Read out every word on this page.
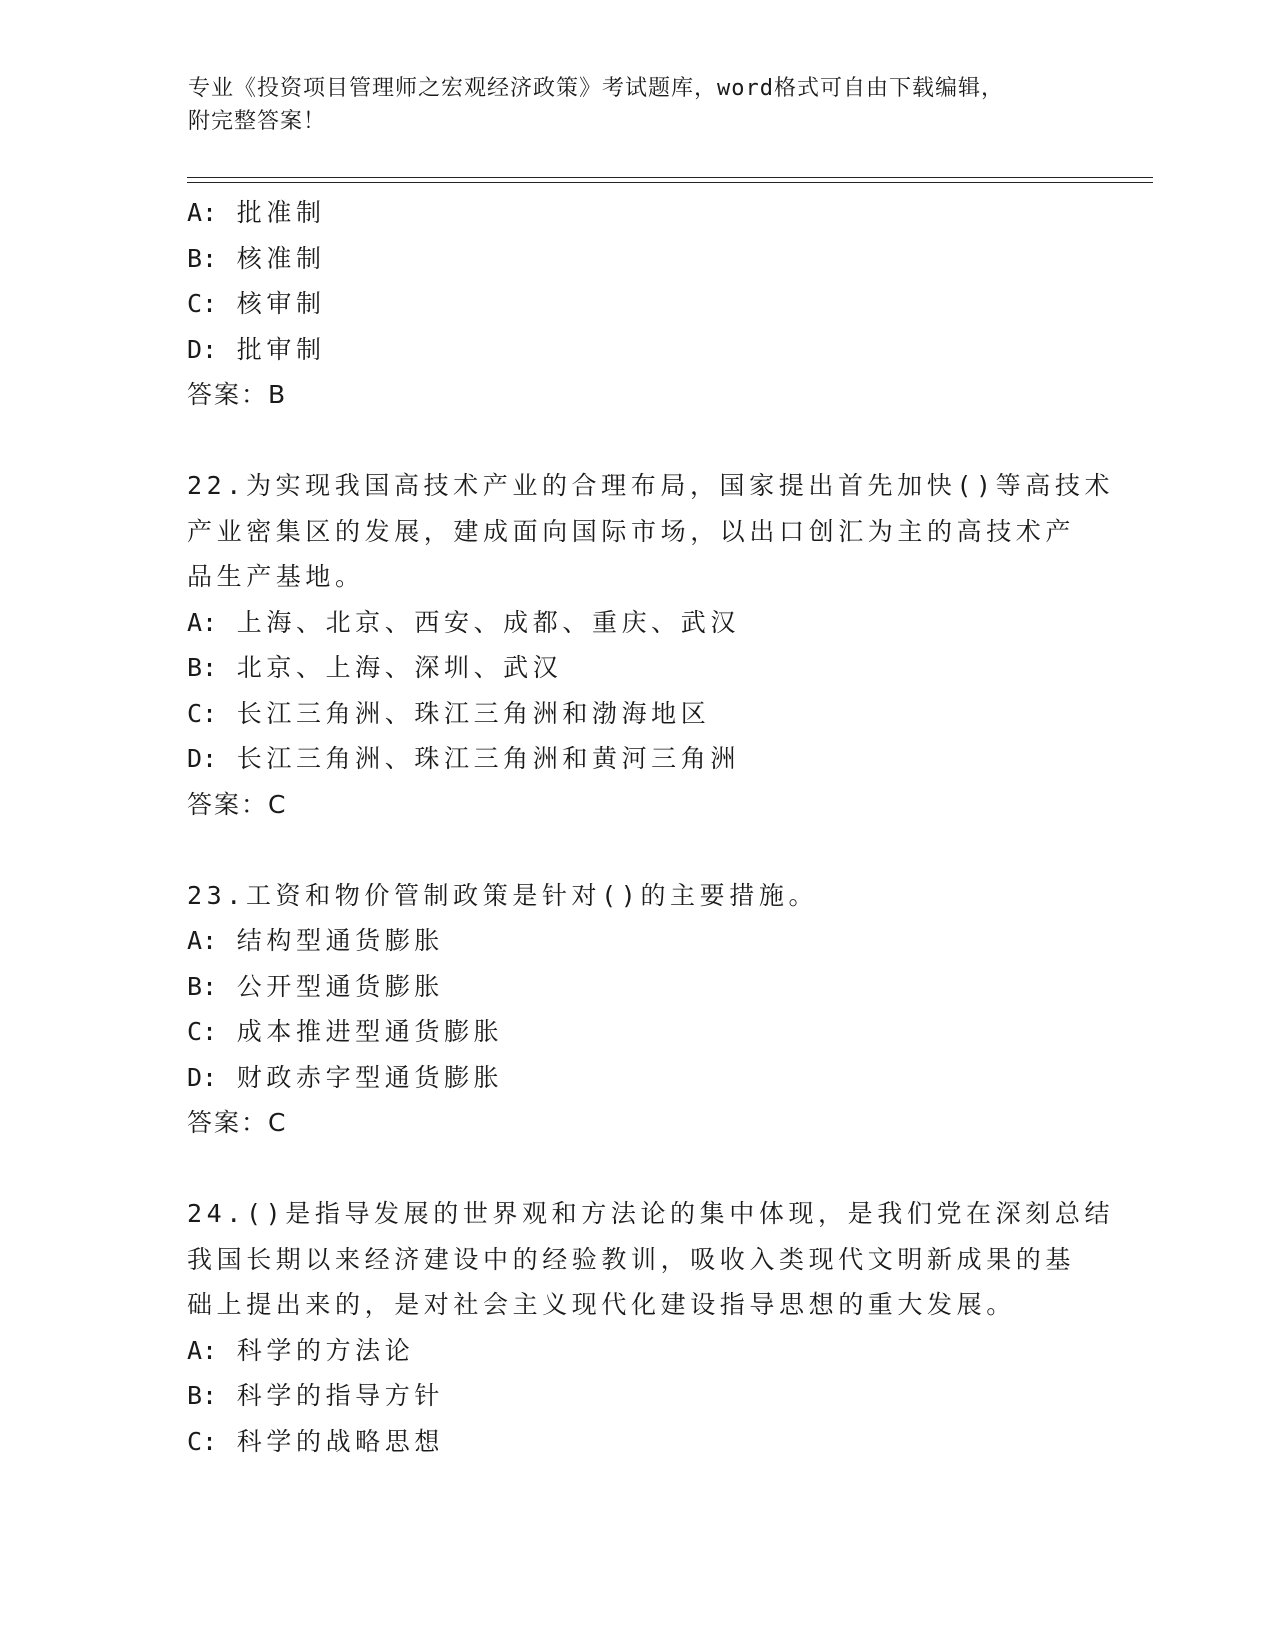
专业《投资项目管理师之宏观经济政策》考试题库，word格式可自由下载编辑，
附完整答案！
A: 批准制
B: 核准制
C: 核审制
D: 批审制
答案：B
22.为实现我国高技术产业的合理布局，国家提出首先加快()等高技术
产业密集区的发展，建成面向国际市场，以出口创汇为主的高技术产
品生产基地。
A: 上海、北京、西安、成都、重庆、武汉
B: 北京、上海、深圳、武汉
C: 长江三角洲、珠江三角洲和渤海地区
D: 长江三角洲、珠江三角洲和黄河三角洲
答案：C
23.工资和物价管制政策是针对()的主要措施。
A: 结构型通货膨胀
B: 公开型通货膨胀
C: 成本推进型通货膨胀
D: 财政赤字型通货膨胀
答案：C
24.()是指导发展的世界观和方法论的集中体现，是我们党在深刻总结
我国长期以来经济建设中的经验教训，吸收入类现代文明新成果的基
础上提出来的，是对社会主义现代化建设指导思想的重大发展。
A: 科学的方法论
B: 科学的指导方针
C: 科学的战略思想
